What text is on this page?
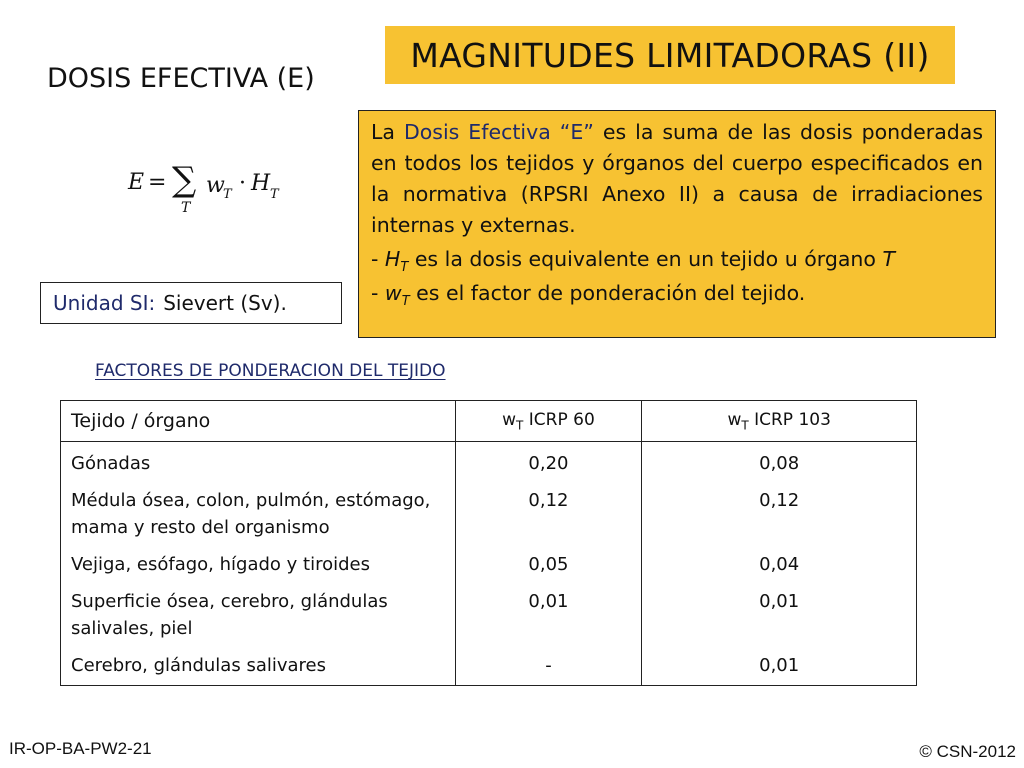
MAGNITUDES LIMITADORAS (II)
DOSIS EFECTIVA (E)
E = ∑
T
w
T · H T
Unidad SI: Sievert (Sv).

La Dosis Efectiva “E” es la suma de las dosis ponderadas en todos los tejidos y órganos del cuerpo especificados en la normativa (RPSRI Anexo II) a causa de irradiaciones internas y externas.

- $H_T$ es la dosis equivalente en un tejido u órgano T

- $w_T$ es el factor de ponderación del tejido.

FACTORES DE PONDERACION DEL TEJIDO
Tejido / órgano	$w_T$ ICRP 60	$w_T$ ICRP 103
Gónadas	0,20	0,08
Médula ósea, colon, pulmón, estómago, mama y resto del organismo	0,12	0,12
Vejiga, esófago, hígado y tiroides	0,05	0,04
Superficie ósea, cerebro, glándulas salivales, piel	0,01	0,01
Cerebro, glándulas salivares	-	0,01
IR-OP-BA-PW2-21	© CSN-2012
